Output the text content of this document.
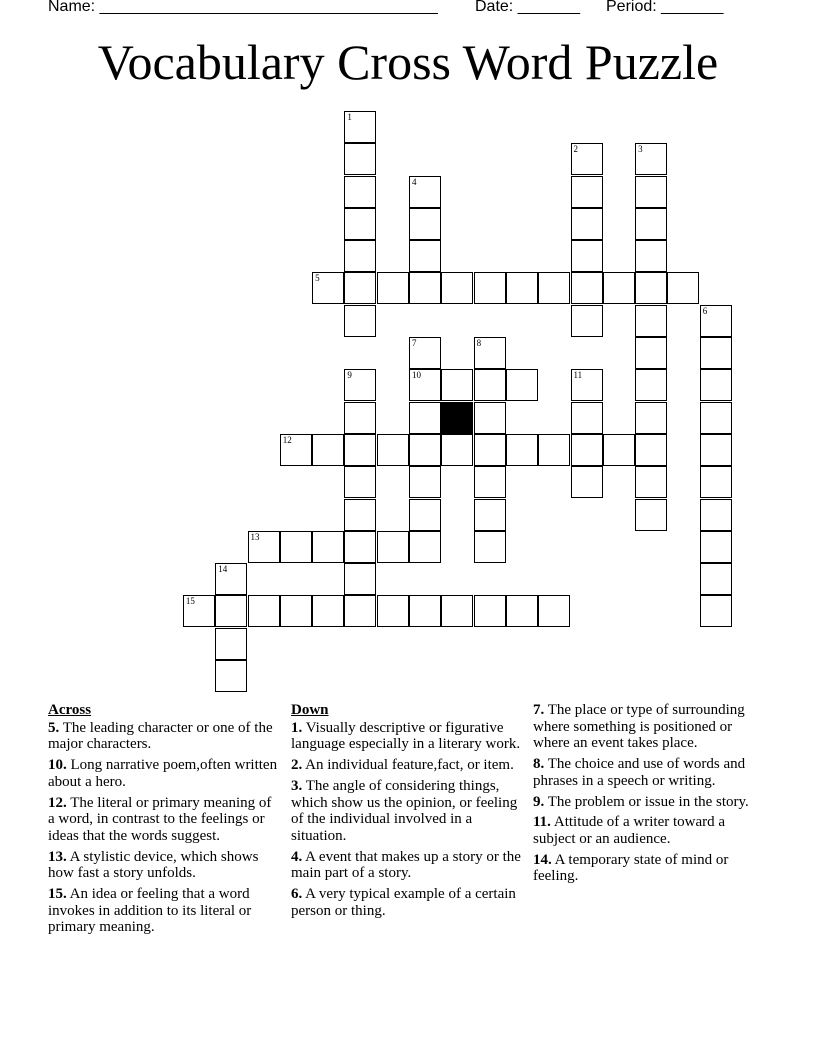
Name: ______________________________________ Date: _______ Period: _______
Vocabulary Cross Word Puzzle
1
2	3
4
5
6
7
10
8
9	11
12
13
14
15
Across
5. The leading character or one of the major characters.
10. Long narrative poem,often written about a hero.
12. The literal or primary meaning of a word, in contrast to the feelings or ideas that the words suggest.
13. A stylistic device, which shows how fast a story unfolds.
15. An idea or feeling that a word invokes in addition to its literal or primary meaning.
Down
1. Visually descriptive or figurative language especially in a literary work.
2. An individual feature,fact, or item.
3. The angle of considering things, which show us the opinion, or feeling of the individual involved in a situation.
4. A event that makes up a story or the main part of a story.
6. A very typical example of a certain person or thing.
7. The place or type of surrounding where something is positioned or where an event takes place.
8. The choice and use of words and phrases in a speech or writing.
9. The problem or issue in the story.
11. Attitude of a writer toward a subject or an audience.
14. A temporary state of mind or feeling.
